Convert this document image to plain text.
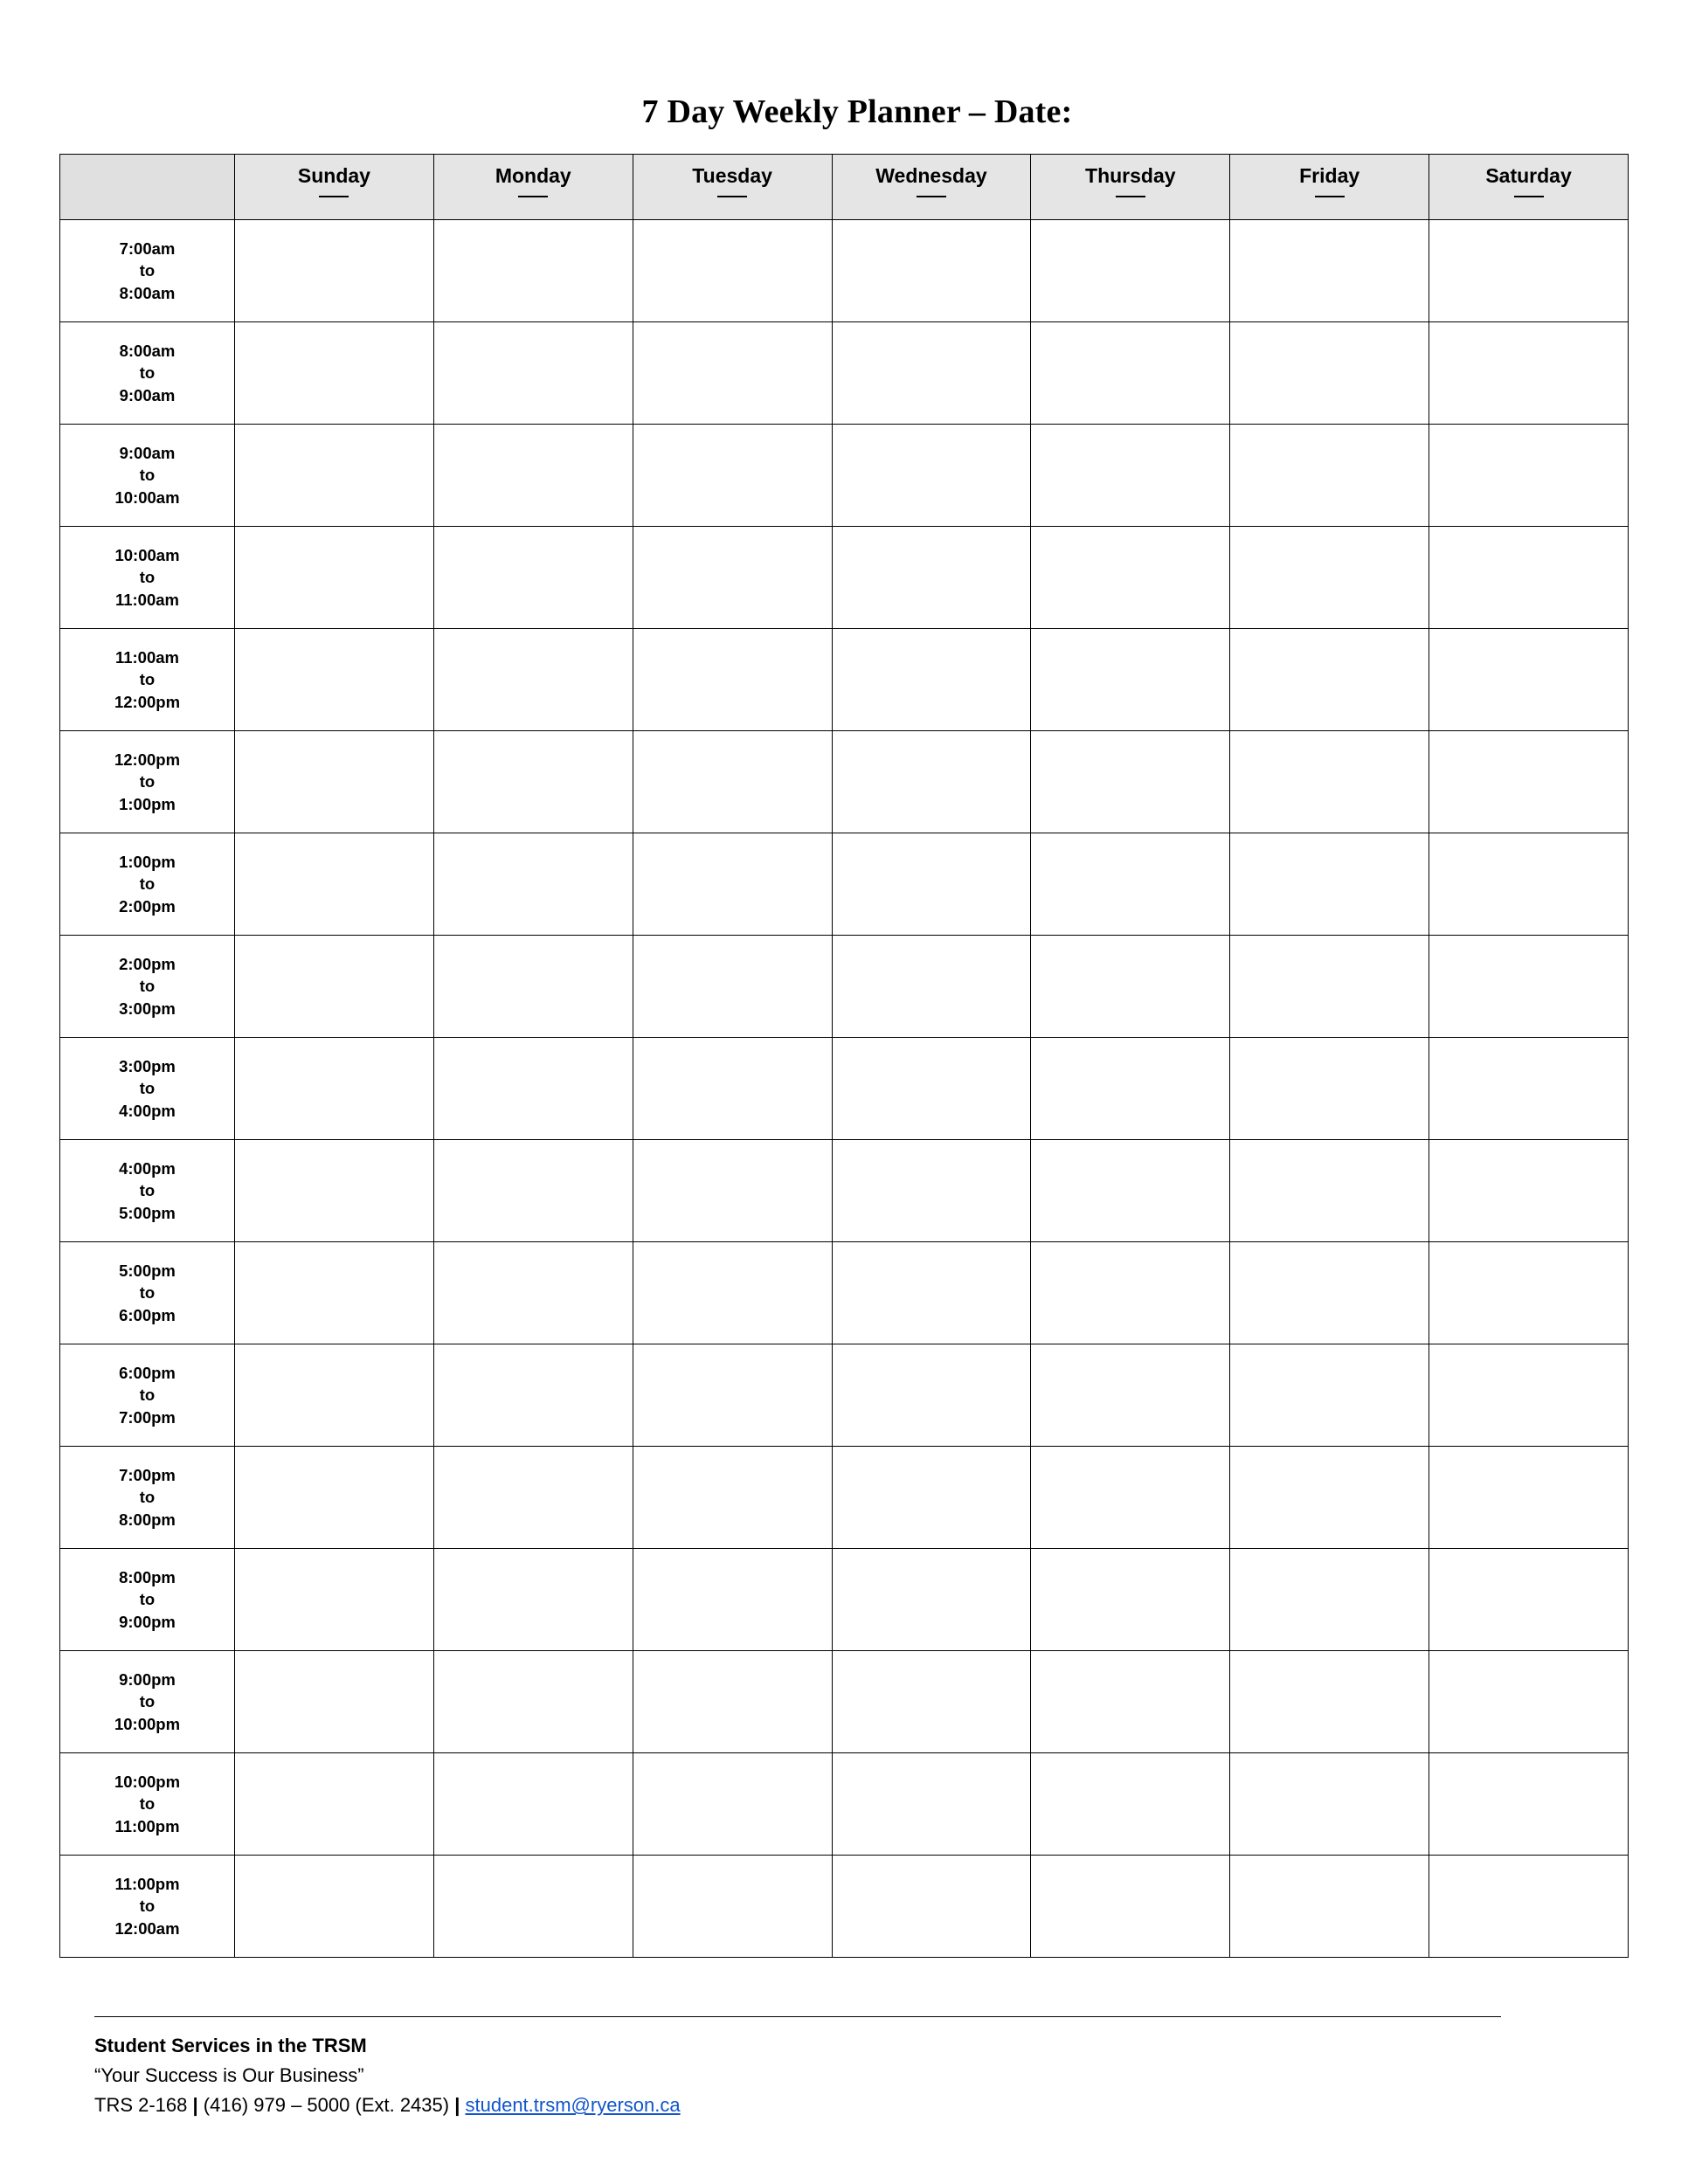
7 Day Weekly Planner – Date:

	Sunday	Monday	Tuesday	Wednesday	Thursday	Friday	Saturday

7:00am
to
8:00am							

8:00am
to
9:00am							

9:00am
to
10:00am							

10:00am
to
11:00am							

11:00am
to
12:00pm							

12:00pm
to
1:00pm							

1:00pm
to
2:00pm							

2:00pm
to
3:00pm							

3:00pm
to
4:00pm							

4:00pm
to
5:00pm							

5:00pm
to
6:00pm							

6:00pm
to
7:00pm							

7:00pm
to
8:00pm							

8:00pm
to
9:00pm							

9:00pm
to
10:00pm							

10:00pm
to
11:00pm							

11:00pm
to
12:00am							

Student Services in the TRSM
“Your Success is Our Business”
TRS 2-168 | (416) 979 – 5000 (Ext. 2435) | student.trsm@ryerson.ca
